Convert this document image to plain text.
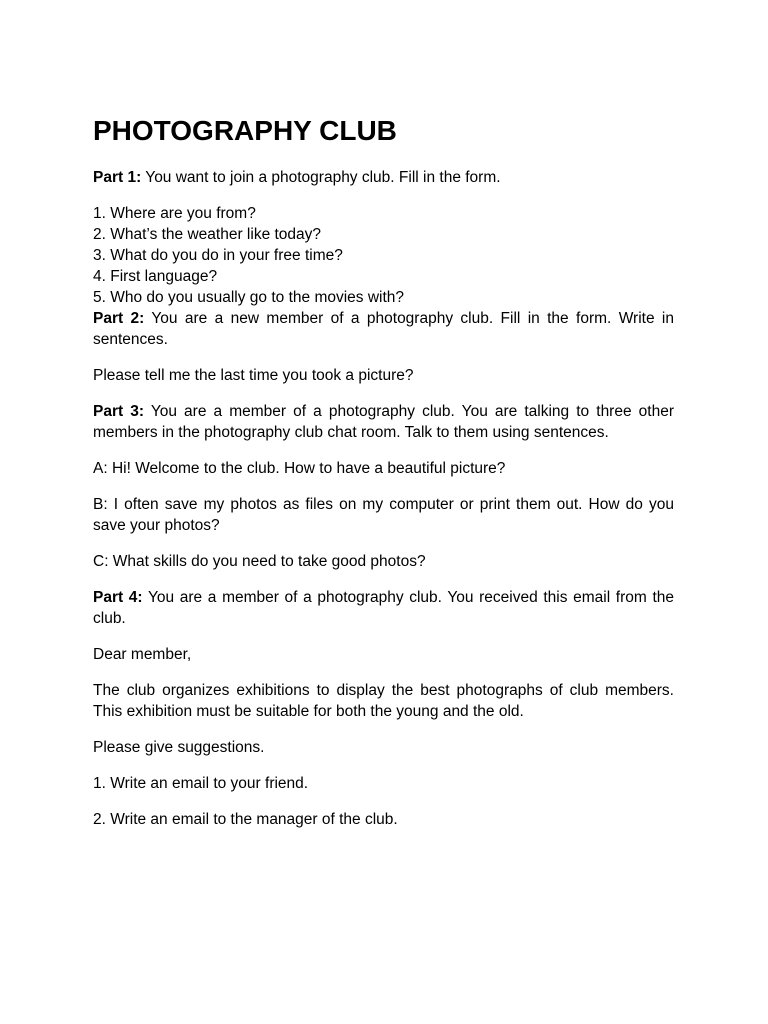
PHOTOGRAPHY CLUB

Part 1: You want to join a photography club. Fill in the form.

1. Where are you from?
2. What’s the weather like today?
3. What do you do in your free time?
4. First language?
5. Who do you usually go to the movies with?

Part 2: You are a new member of a photography club. Fill in the form. Write in sentences.

Please tell me the last time you took a picture?

Part 3: You are a member of a photography club. You are talking to three other members in the photography club chat room. Talk to them using sentences.

A: Hi! Welcome to the club. How to have a beautiful picture?

B: I often save my photos as files on my computer or print them out. How do you save your photos?

C: What skills do you need to take good photos?

Part 4: You are a member of a photography club. You received this email from the club.

Dear member,

The club organizes exhibitions to display the best photographs of club members. This exhibition must be suitable for both the young and the old.

Please give suggestions.

1. Write an email to your friend.

2. Write an email to the manager of the club.
